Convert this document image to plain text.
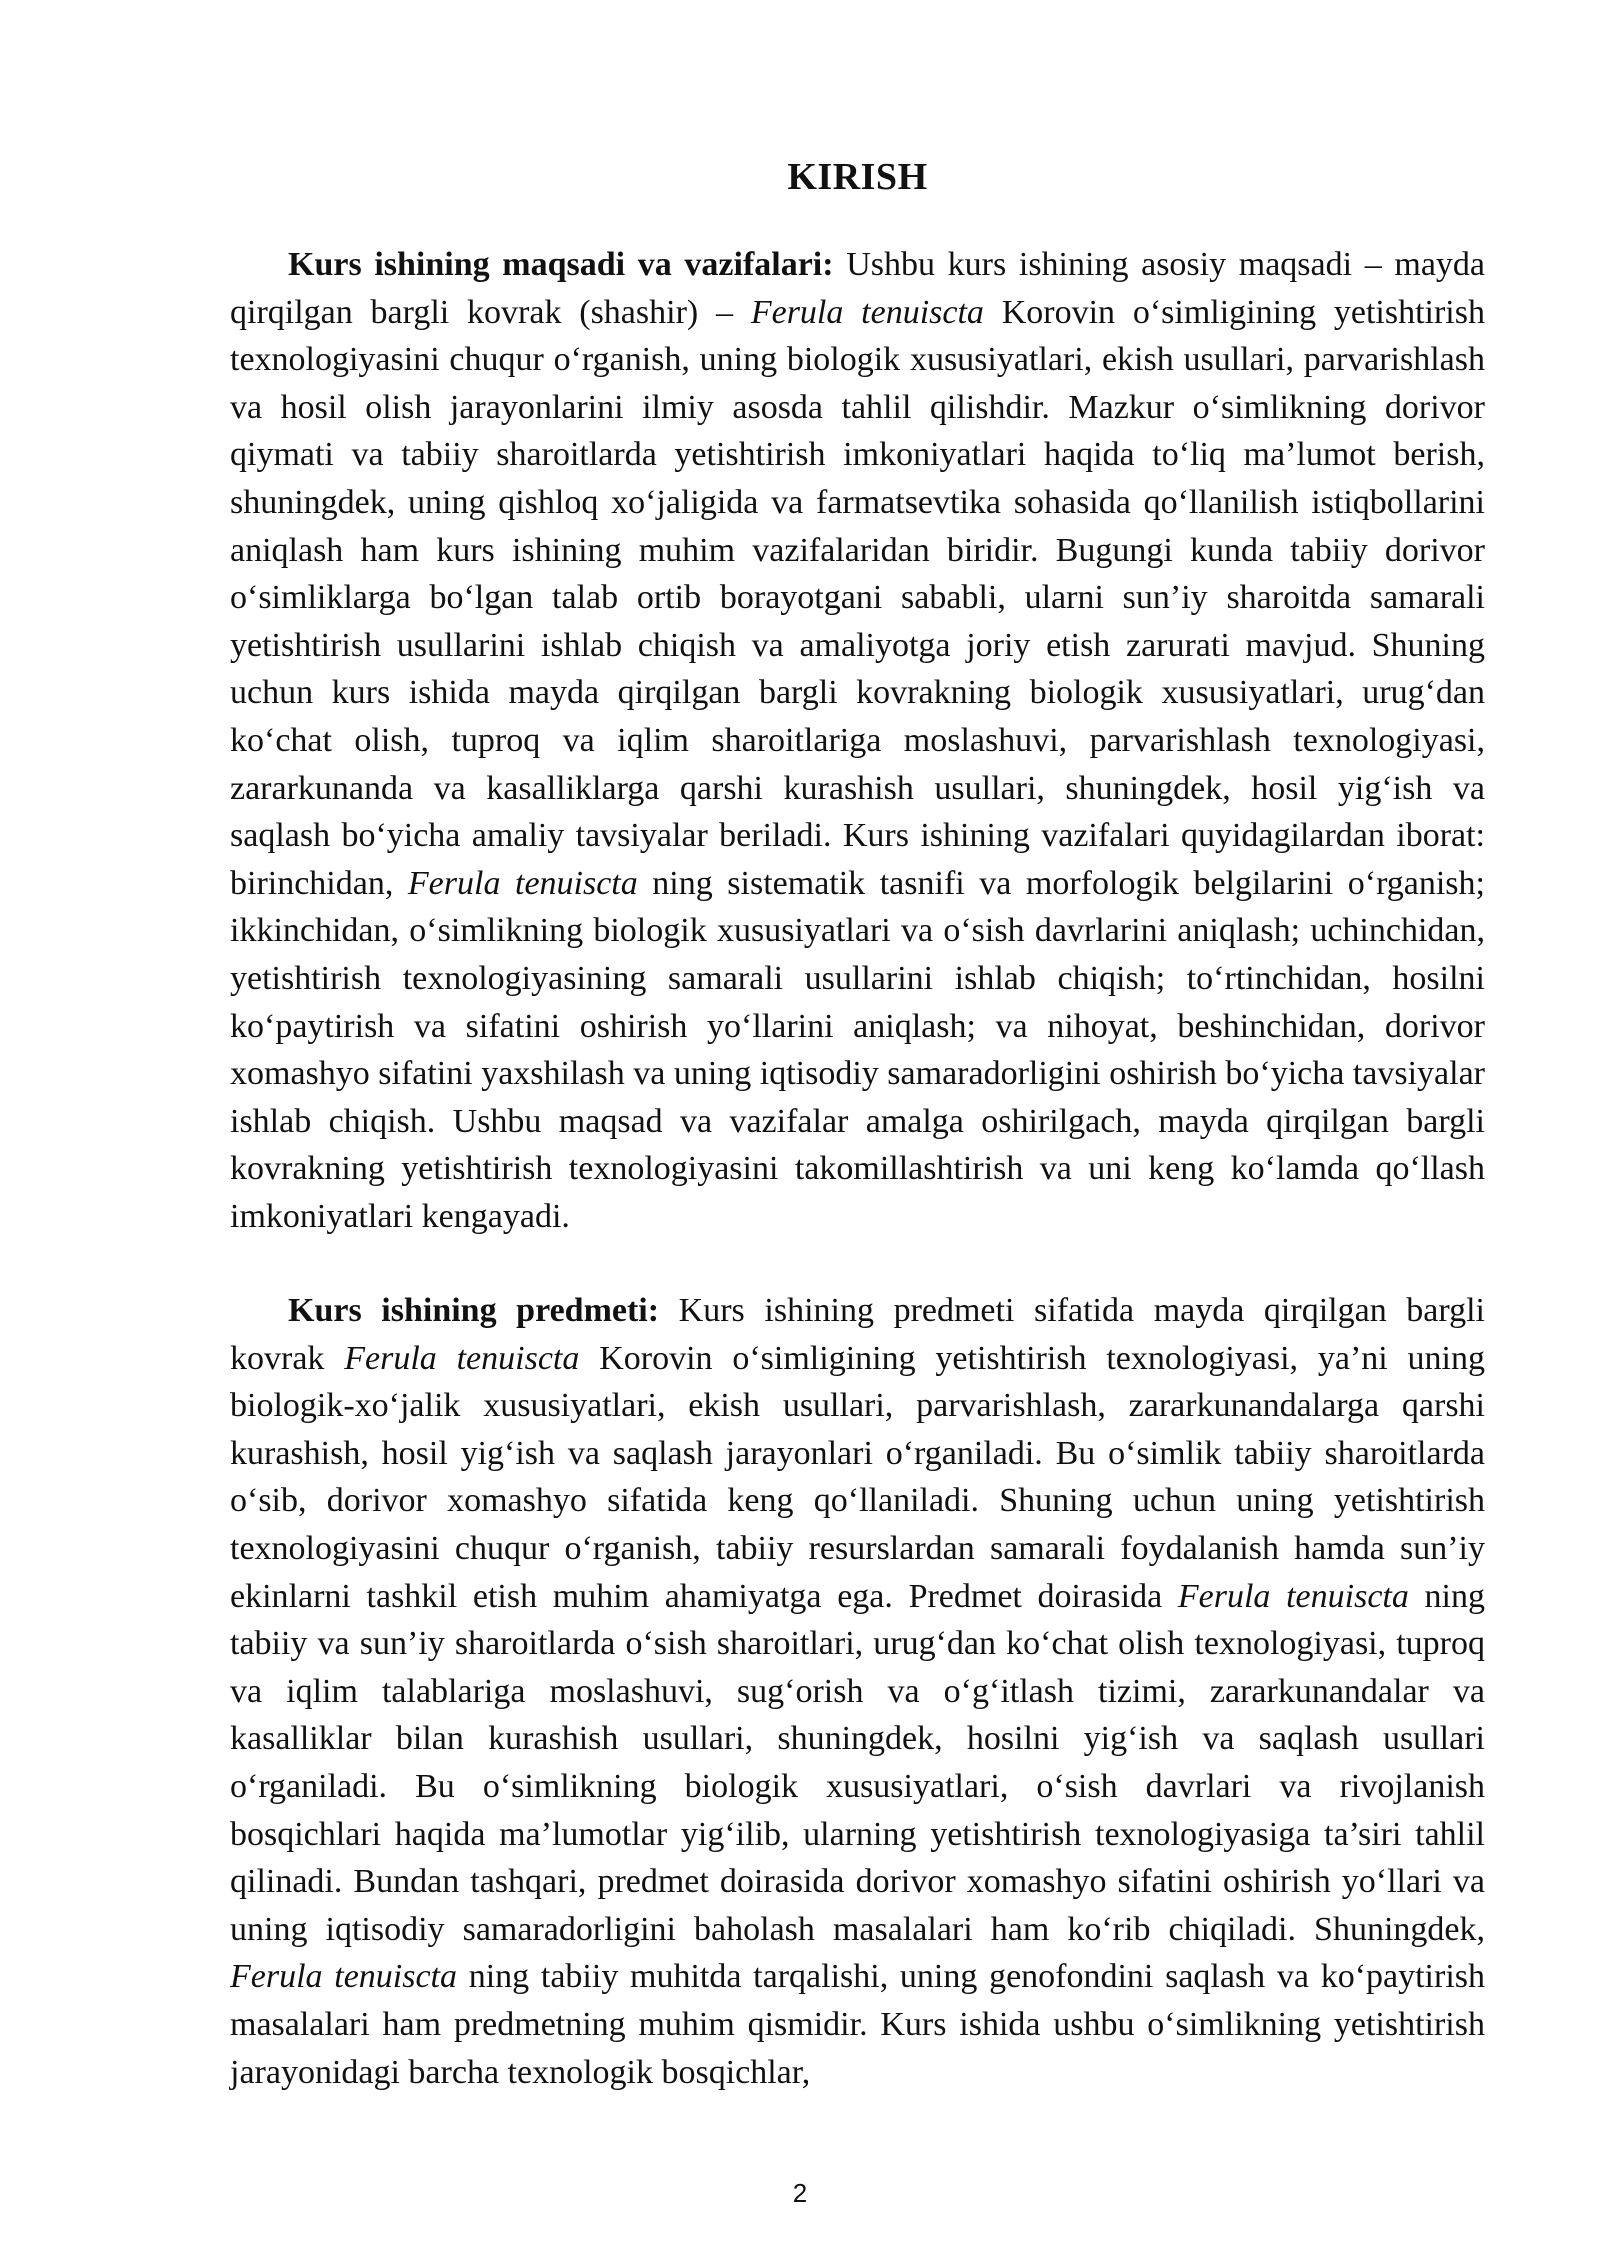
KIRISH

Kurs ishining maqsadi va vazifalari: Ushbu kurs ishining asosiy maqsadi – mayda qirqilgan bargli kovrak (shashir) – Ferula tenuiscta Korovin o‘simligining yetishtirish texnologiyasini chuqur o‘rganish, uning biologik xususiyatlari, ekish usullari, parvarishlash va hosil olish jarayonlarini ilmiy asosda tahlil qilishdir. Mazkur o‘simlikning dorivor qiymati va tabiiy sharoitlarda yetishtirish imkoniyatlari haqida to‘liq ma’lumot berish, shuningdek, uning qishloq xo‘jaligida va farmatsevtika sohasida qo‘llanilish istiqbollarini aniqlash ham kurs ishining muhim vazifalaridan biridir. Bugungi kunda tabiiy dorivor o‘simliklarga bo‘lgan talab ortib borayotgani sababli, ularni sun’iy sharoitda samarali yetishtirish usullarini ishlab chiqish va amaliyotga joriy etish zarurati mavjud. Shuning uchun kurs ishida mayda qirqilgan bargli kovrakning biologik xususiyatlari, urug‘dan ko‘chat olish, tuproq va iqlim sharoitlariga moslashuvi, parvarishlash texnologiyasi, zararkunanda va kasalliklarga qarshi kurashish usullari, shuningdek, hosil yig‘ish va saqlash bo‘yicha amaliy tavsiyalar beriladi. Kurs ishining vazifalari quyidagilardan iborat: birinchidan, Ferula tenuiscta ning sistematik tasnifi va morfologik belgilarini o‘rganish; ikkinchidan, o‘simlikning biologik xususiyatlari va o‘sish davrlarini aniqlash; uchinchidan, yetishtirish texnologiyasining samarali usullarini ishlab chiqish; to‘rtinchidan, hosilni ko‘paytirish va sifatini oshirish yo‘llarini aniqlash; va nihoyat, beshinchidan, dorivor xomashyo sifatini yaxshilash va uning iqtisodiy samaradorligini oshirish bo‘yicha tavsiyalar ishlab chiqish. Ushbu maqsad va vazifalar amalga oshirilgach, mayda qirqilgan bargli kovrakning yetishtirish texnologiyasini takomillashtirish va uni keng ko‘lamda qo‘llash imkoniyatlari kengayadi.

Kurs ishining predmeti: Kurs ishining predmeti sifatida mayda qirqilgan bargli kovrak Ferula tenuiscta Korovin o‘simligining yetishtirish texnologiyasi, ya’ni uning biologik-xo‘jalik xususiyatlari, ekish usullari, parvarishlash, zararkunandalarga qarshi kurashish, hosil yig‘ish va saqlash jarayonlari o‘rganiladi. Bu o‘simlik tabiiy sharoitlarda o‘sib, dorivor xomashyo sifatida keng qo‘llaniladi. Shuning uchun uning yetishtirish texnologiyasini chuqur o‘rganish, tabiiy resurslardan samarali foydalanish hamda sun’iy ekinlarni tashkil etish muhim ahamiyatga ega. Predmet doirasida Ferula tenuiscta ning tabiiy va sun’iy sharoitlarda o‘sish sharoitlari, urug‘dan ko‘chat olish texnologiyasi, tuproq va iqlim talablariga moslashuvi, sug‘orish va o‘g‘itlash tizimi, zararkunandalar va kasalliklar bilan kurashish usullari, shuningdek, hosilni yig‘ish va saqlash usullari o‘rganiladi. Bu o‘simlikning biologik xususiyatlari, o‘sish davrlari va rivojlanish bosqichlari haqida ma’lumotlar yig‘ilib, ularning yetishtirish texnologiyasiga ta’siri tahlil qilinadi. Bundan tashqari, predmet doirasida dorivor xomashyo sifatini oshirish yo‘llari va uning iqtisodiy samaradorligini baholash masalalari ham ko‘rib chiqiladi. Shuningdek, Ferula tenuiscta ning tabiiy muhitda tarqalishi, uning genofondini saqlash va ko‘paytirish masalalari ham predmetning muhim qismidir. Kurs ishida ushbu o‘simlikning yetishtirish jarayonidagi barcha texnologik bosqichlar,

2
